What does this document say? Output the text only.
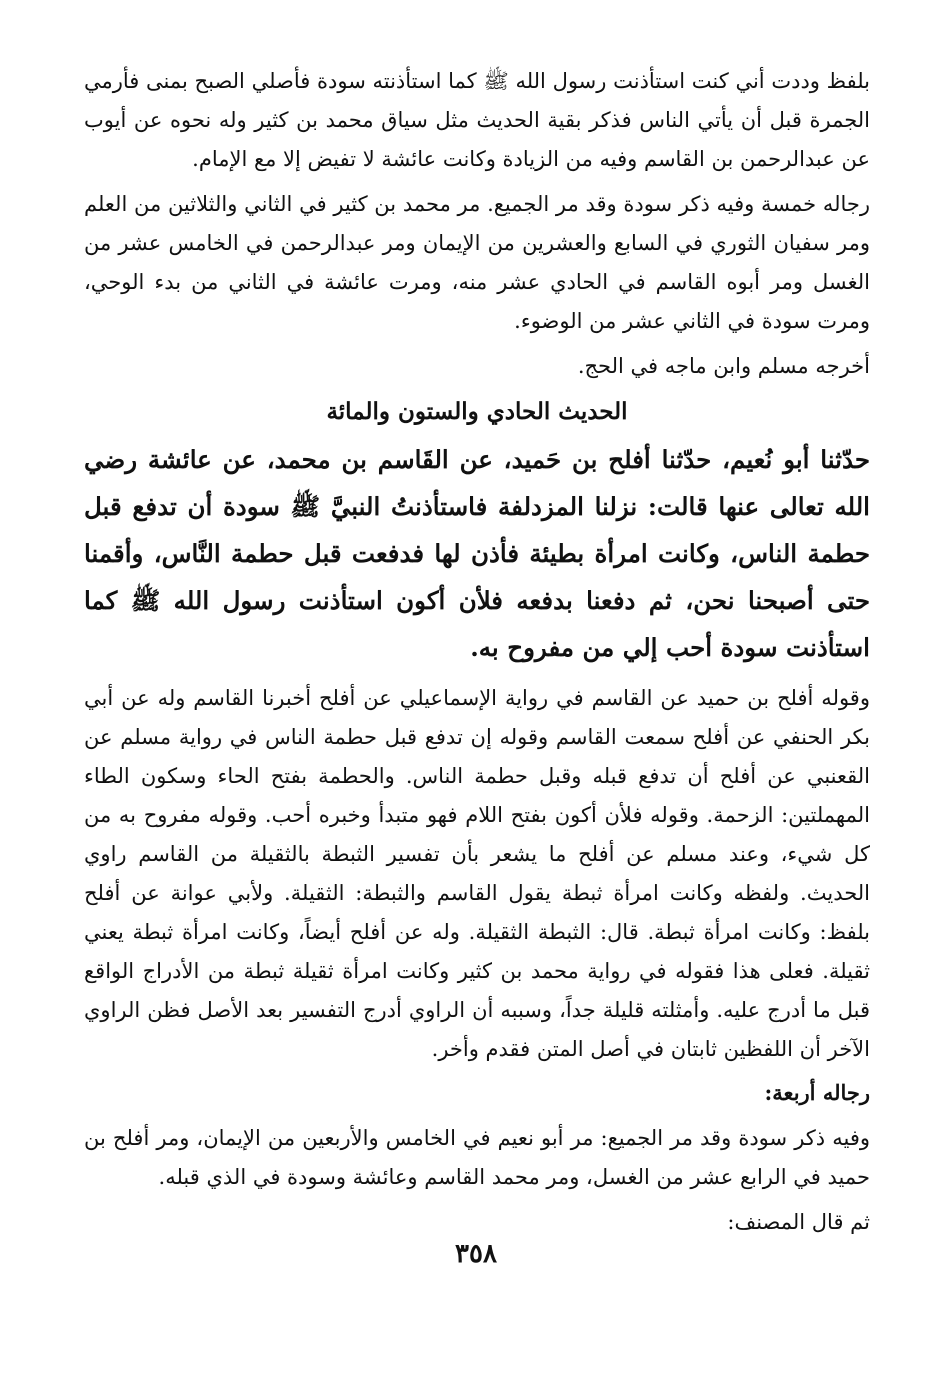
بلفظ وددت أني كنت استأذنت رسول الله ﷺ كما استأذنته سودة فأصلي الصبح بمنى فأرمي الجمرة قبل أن يأتي الناس فذكر بقية الحديث مثل سياق محمد بن كثير وله نحوه عن أيوب عن عبدالرحمن بن القاسم وفيه من الزيادة وكانت عائشة لا تفيض إلا مع الإمام.

رجاله خمسة وفيه ذكر سودة وقد مر الجميع. مر محمد بن كثير في الثاني والثلاثين من العلم ومر سفيان الثوري في السابع والعشرين من الإيمان ومر عبدالرحمن في الخامس عشر من الغسل ومر أبوه القاسم في الحادي عشر منه، ومرت عائشة في الثاني من بدء الوحي، ومرت سودة في الثاني عشر من الوضوء.

أخرجه مسلم وابن ماجه في الحج.

الحديث الحادي والستون والمائة

حدّثنا أبو نُعيم، حدّثنا أفلح بن حَميد، عن القَاسم بن محمد، عن عائشة رضي الله تعالى عنها قالت: نزلنا المزدلفة فاستأذنتُ النبيَّ ﷺ سودة أن تدفع قبل حطمة الناس، وكانت امرأة بطيئة فأذن لها فدفعت قبل حطمة النَّاس، وأقمنا حتى أصبحنا نحن، ثم دفعنا بدفعه فلأن أكون استأذنت رسول الله ﷺ كما استأذنت سودة أحب إلي من مفروح به.

وقوله أفلح بن حميد عن القاسم في رواية الإسماعيلي عن أفلح أخبرنا القاسم وله عن أبي بكر الحنفي عن أفلح سمعت القاسم وقوله إن تدفع قبل حطمة الناس في رواية مسلم عن القعنبي عن أفلح أن تدفع قبله وقبل حطمة الناس. والحطمة بفتح الحاء وسكون الطاء المهملتين: الزحمة. وقوله فلأن أكون بفتح اللام فهو متبدأ وخبره أحب. وقوله مفروح به من كل شيء، وعند مسلم عن أفلح ما يشعر بأن تفسير الثبطة بالثقيلة من القاسم راوي الحديث. ولفظه وكانت امرأة ثبطة يقول القاسم والثبطة: الثقيلة. ولأبي عوانة عن أفلح بلفظ: وكانت امرأة ثبطة. قال: الثبطة الثقيلة. وله عن أفلح أيضاً، وكانت امرأة ثبطة يعني ثقيلة. فعلى هذا فقوله في رواية محمد بن كثير وكانت امرأة ثقيلة ثبطة من الأدراج الواقع قبل ما أدرج عليه. وأمثلته قليلة جداً، وسببه أن الراوي أدرج التفسير بعد الأصل فظن الراوي الآخر أن اللفظين ثابتان في أصل المتن فقدم وأخر.

رجاله أربعة:

وفيه ذكر سودة وقد مر الجميع: مر أبو نعيم في الخامس والأربعين من الإيمان، ومر أفلح بن حميد في الرابع عشر من الغسل، ومر محمد القاسم وعائشة وسودة في الذي قبله.

ثم قال المصنف:

٣٥٨
